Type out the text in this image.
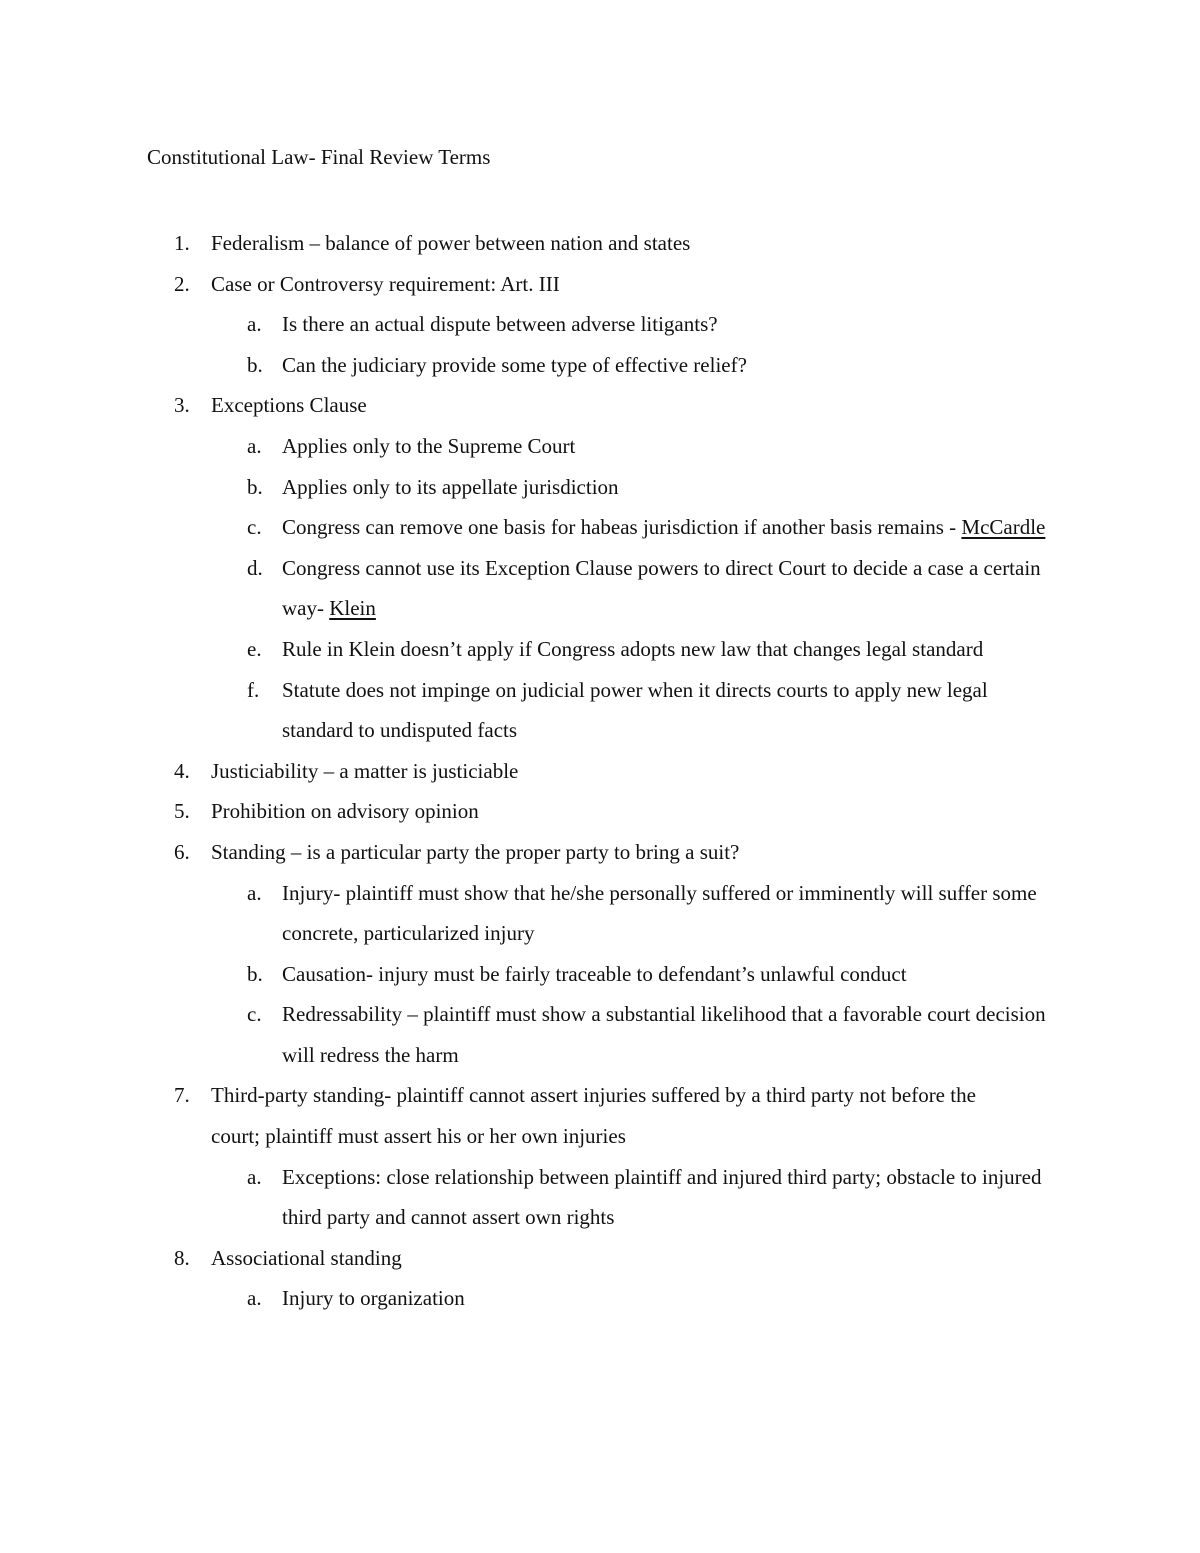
Constitutional Law- Final Review Terms
1. Federalism – balance of power between nation and states
2. Case or Controversy requirement: Art. III
a. Is there an actual dispute between adverse litigants?
b. Can the judiciary provide some type of effective relief?
3. Exceptions Clause
a. Applies only to the Supreme Court
b. Applies only to its appellate jurisdiction
c. Congress can remove one basis for habeas jurisdiction if another basis remains - McCardle
d. Congress cannot use its Exception Clause powers to direct Court to decide a case a certain way- Klein
e. Rule in Klein doesn’t apply if Congress adopts new law that changes legal standard
f. Statute does not impinge on judicial power when it directs courts to apply new legal standard to undisputed facts
4. Justiciability – a matter is justiciable
5. Prohibition on advisory opinion
6. Standing – is a particular party the proper party to bring a suit?
a. Injury- plaintiff must show that he/she personally suffered or imminently will suffer some concrete, particularized injury
b. Causation- injury must be fairly traceable to defendant’s unlawful conduct
c. Redressability – plaintiff must show a substantial likelihood that a favorable court decision will redress the harm
7. Third-party standing- plaintiff cannot assert injuries suffered by a third party not before the court; plaintiff must assert his or her own injuries
a. Exceptions: close relationship between plaintiff and injured third party; obstacle to injured third party and cannot assert own rights
8. Associational standing
a. Injury to organization
